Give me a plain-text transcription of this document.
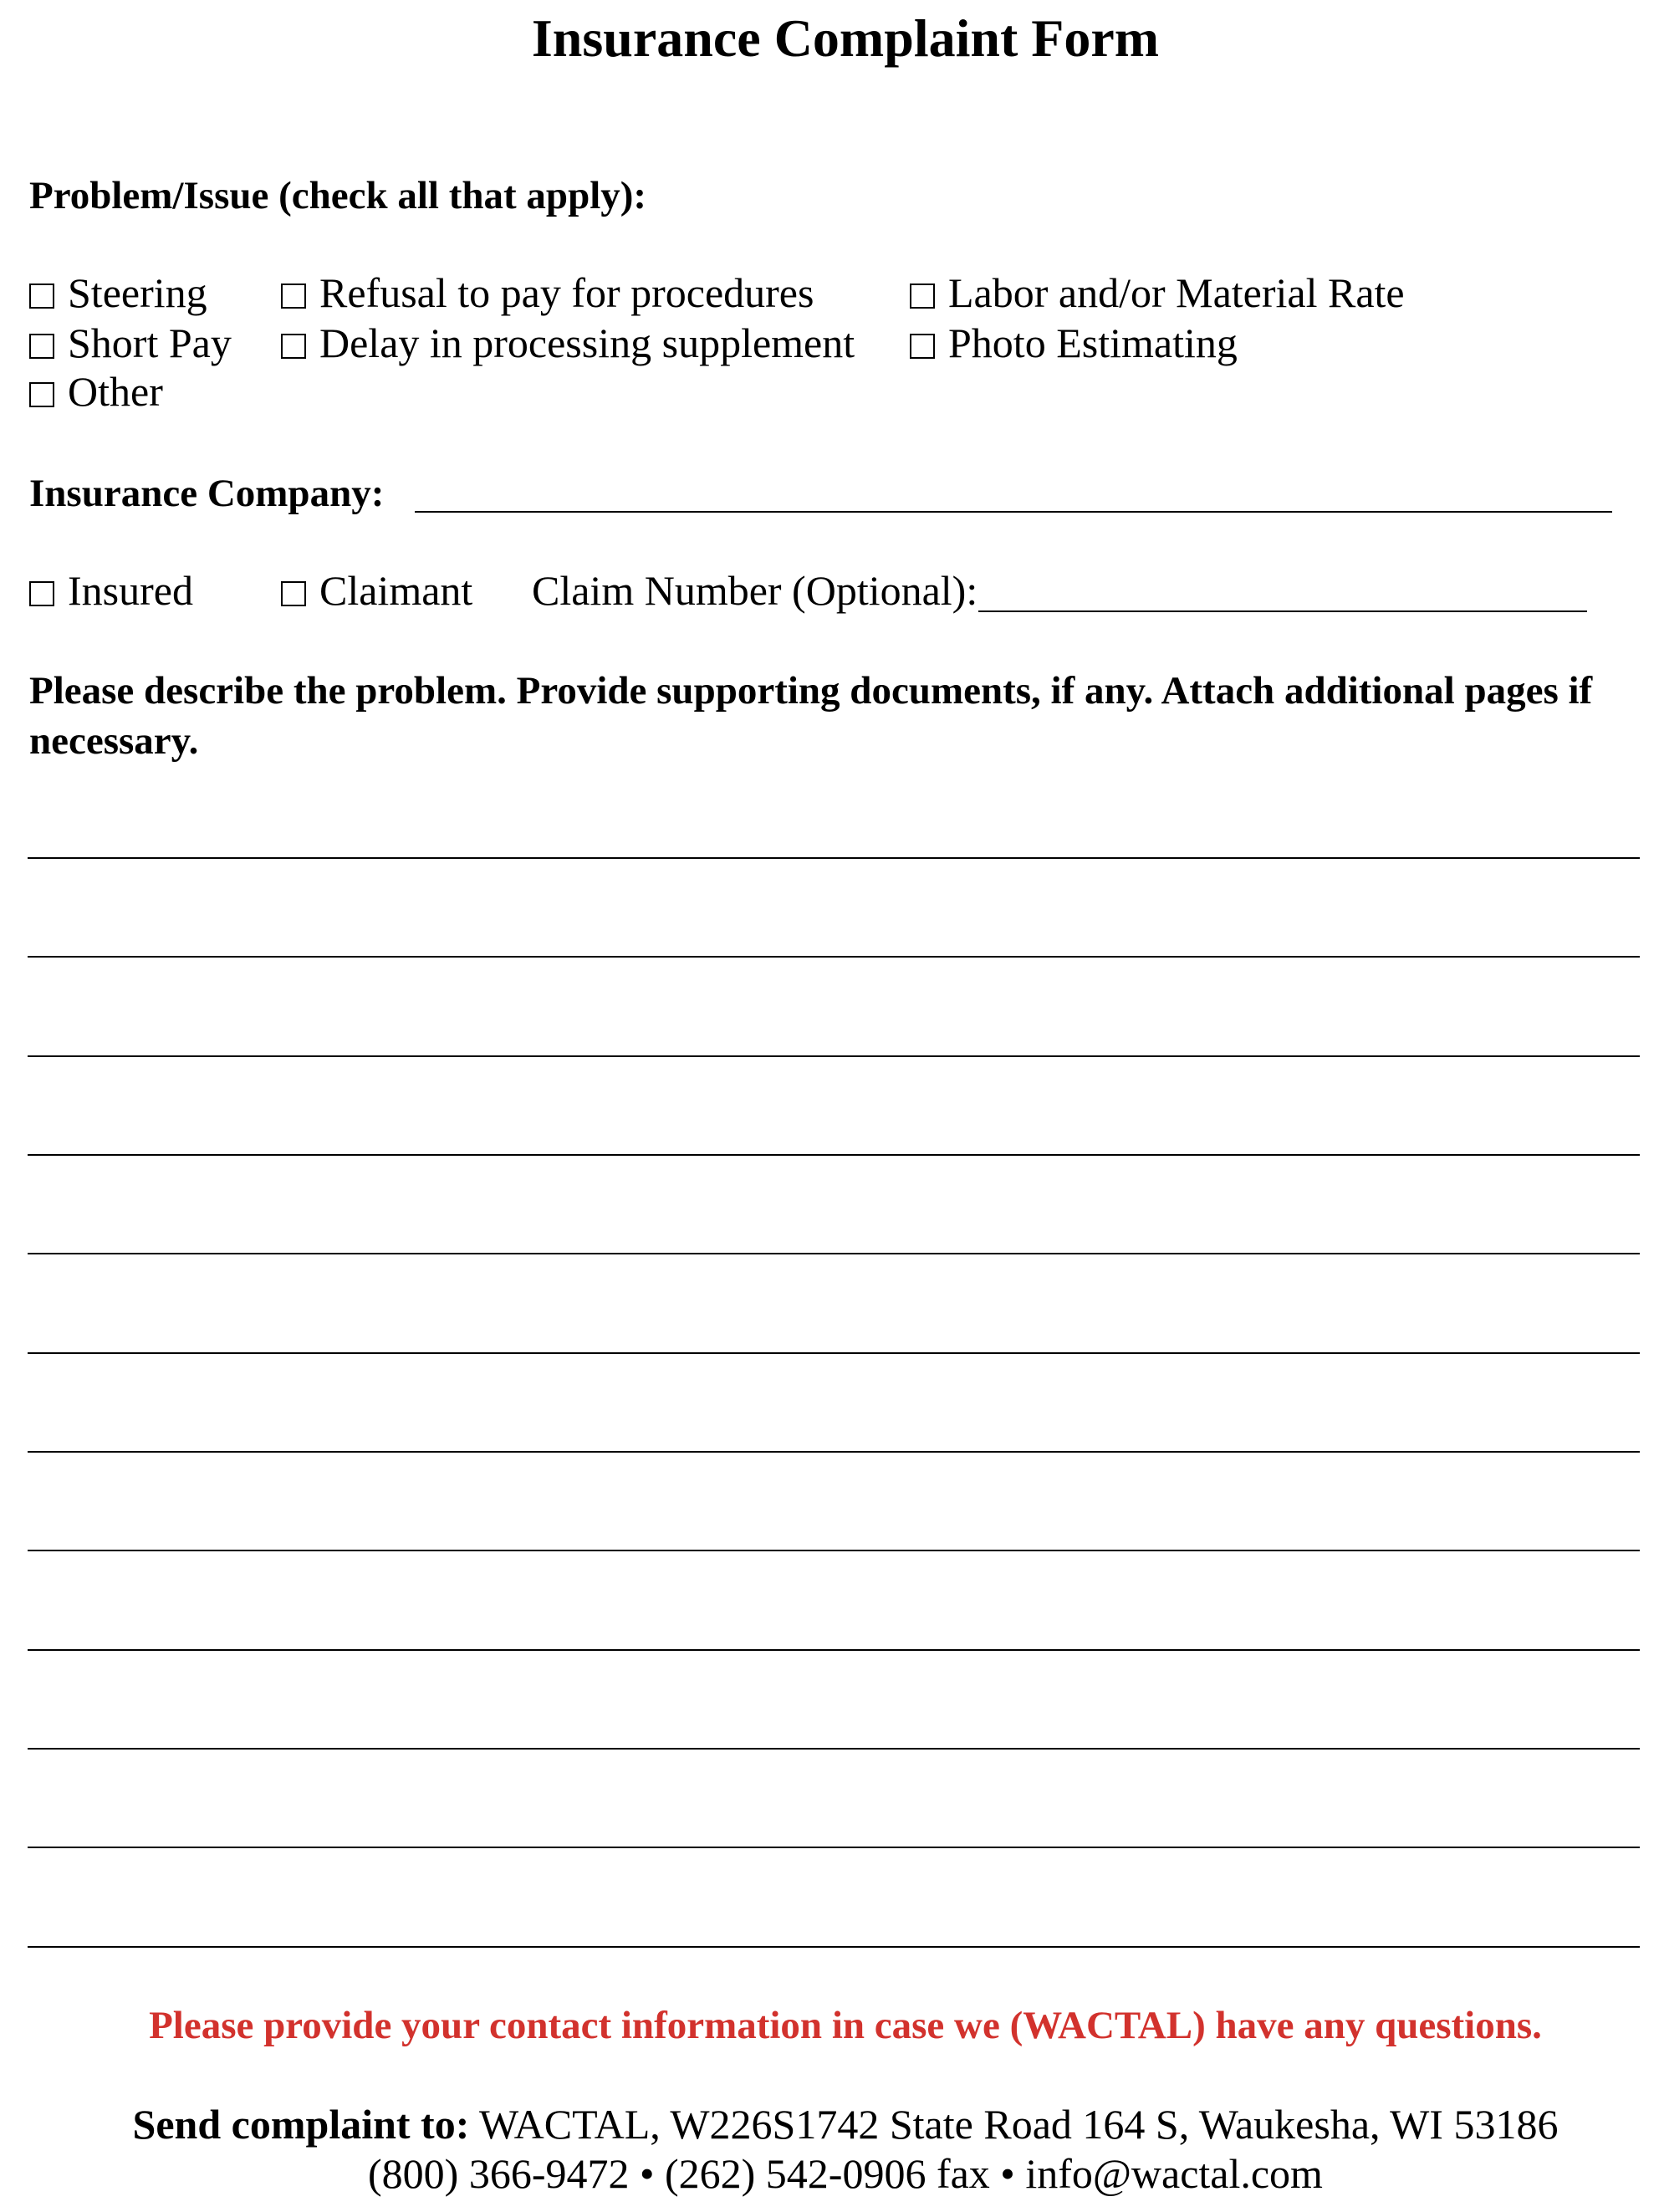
Insurance Complaint Form
Problem/Issue (check all that apply):
Steering
Short Pay
Other
Refusal to pay for procedures
Delay in processing supplement
Labor and/or Material Rate
Photo Estimating
Insurance Company:
Insured	Claimant Claim Number (Optional):
Please describe the problem. Provide supporting documents, if any. Attach additional pages if necessary.
Please provide your contact information in case we (WACTAL) have any questions.
Send complaint to: WACTAL, W226S1742 State Road 164 S, Waukesha, WI 53186
(800) 366-9472 • (262) 542-0906 fax • info@wactal.com
